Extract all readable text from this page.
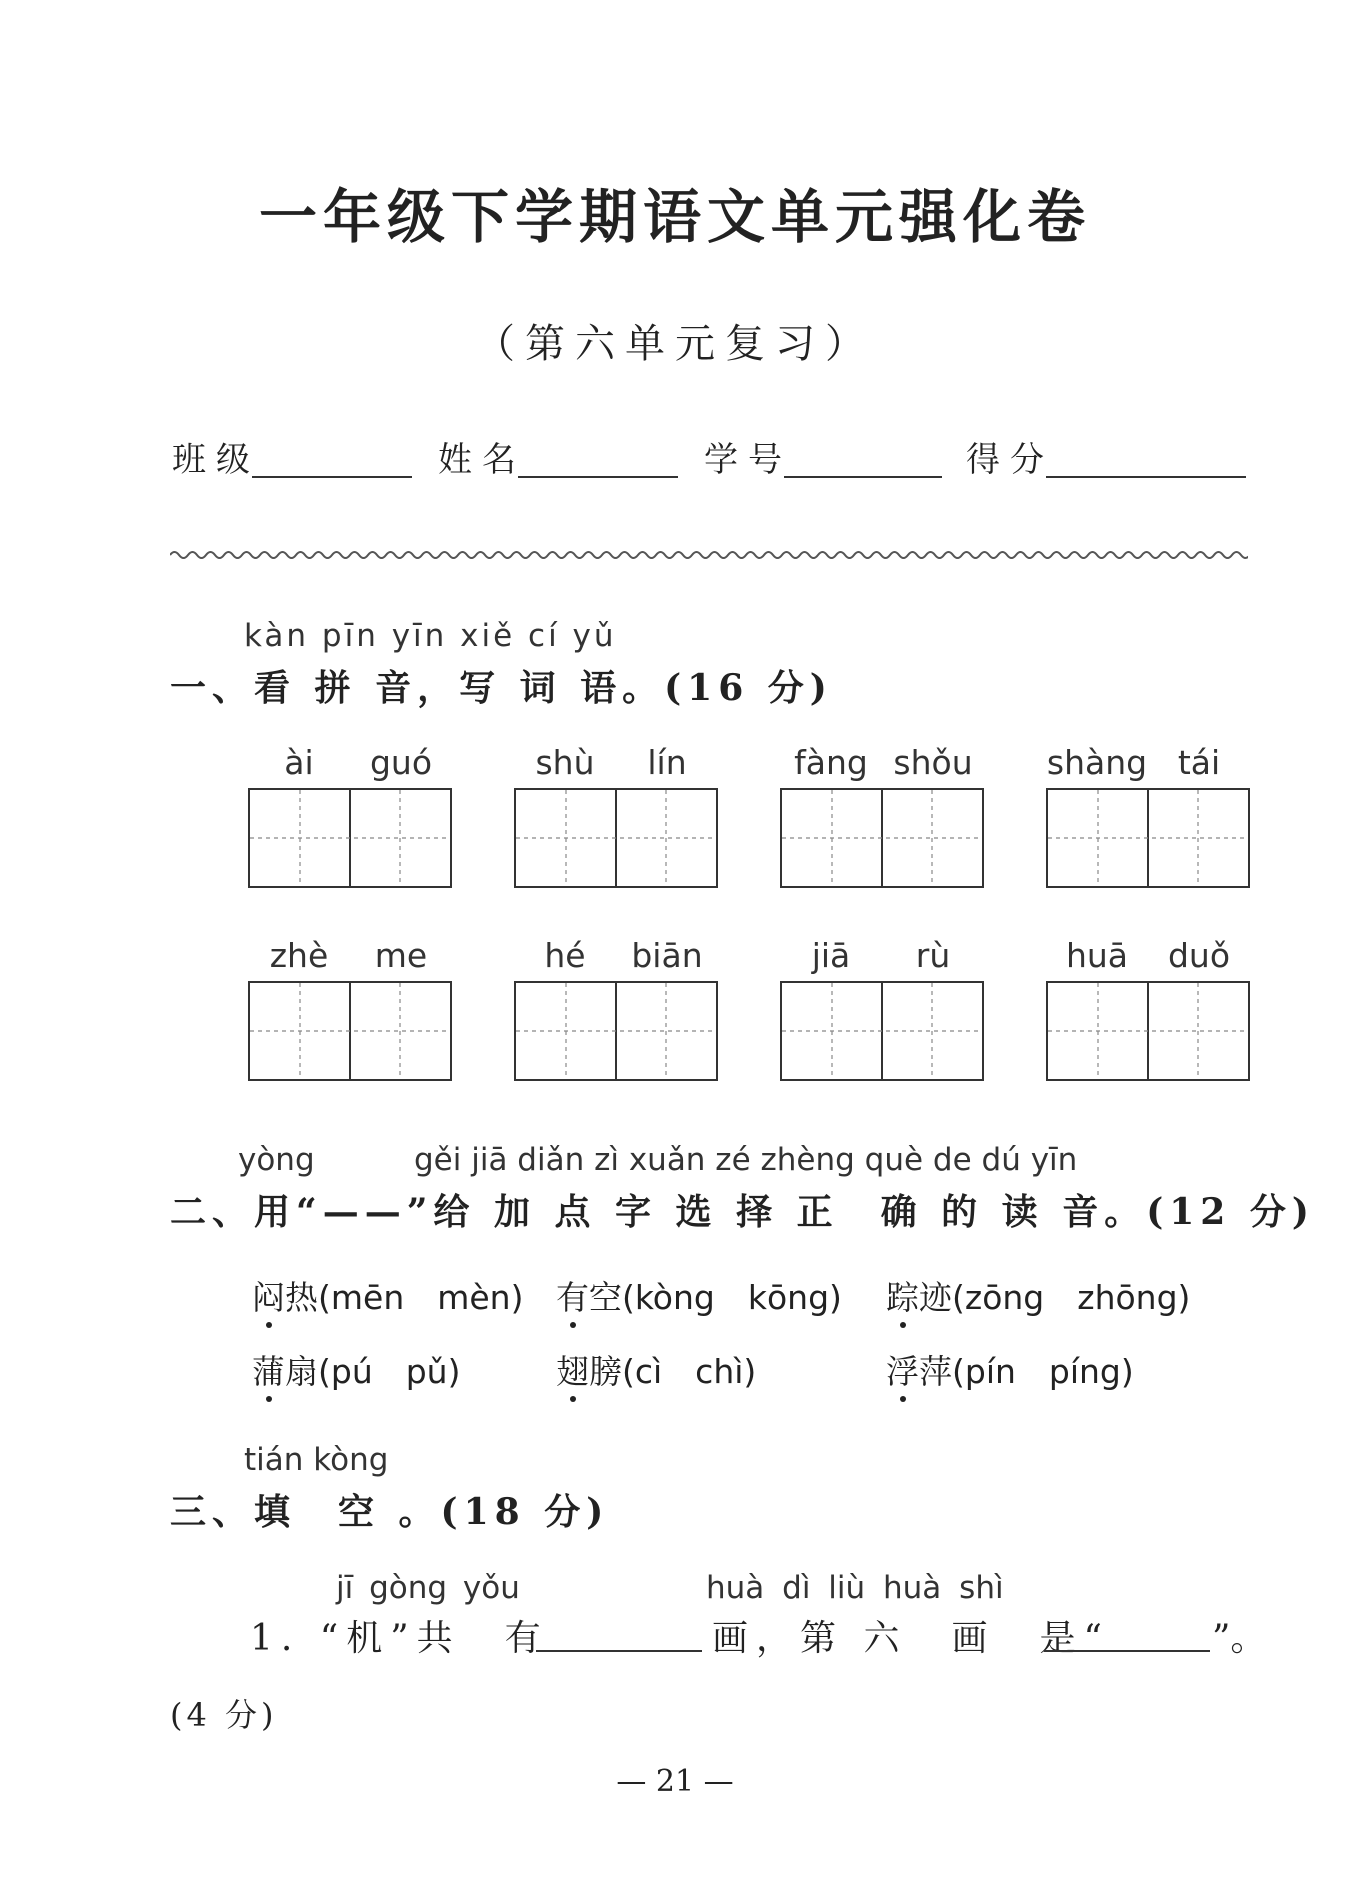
一年级下学期语文单元强化卷
（第六单元复习）
班级	姓名	学号	得分
kàn pīn yīn xiě cí yǔ
一、看 拼 音，写 词 语。(16 分)
ài	guó	shù	lín	fàng shǒu	shàng tái
zhè	me	hé	biān	jiā	rù	huā	duǒ
yòng	gěi jiā diǎn zì xuǎn zé zhèng què de dú yīn
二、用“——”给 加 点 字 选 择 正　确 的 读 音。(12 分)
闷热(mēn　mèn) 有空(kòng　kōng) 踪迹(zōng　zhōng)
蒲扇(pú　pǔ)	翅膀(cì　chì)	浮萍(pín　píng)
tián kòng
三、填　空 。(18 分)
jī gòng yǒu	huà dì liù huà shì
1. “机”共　有	画，第 六　画　是“	”。
(4 分)
— 21 —
